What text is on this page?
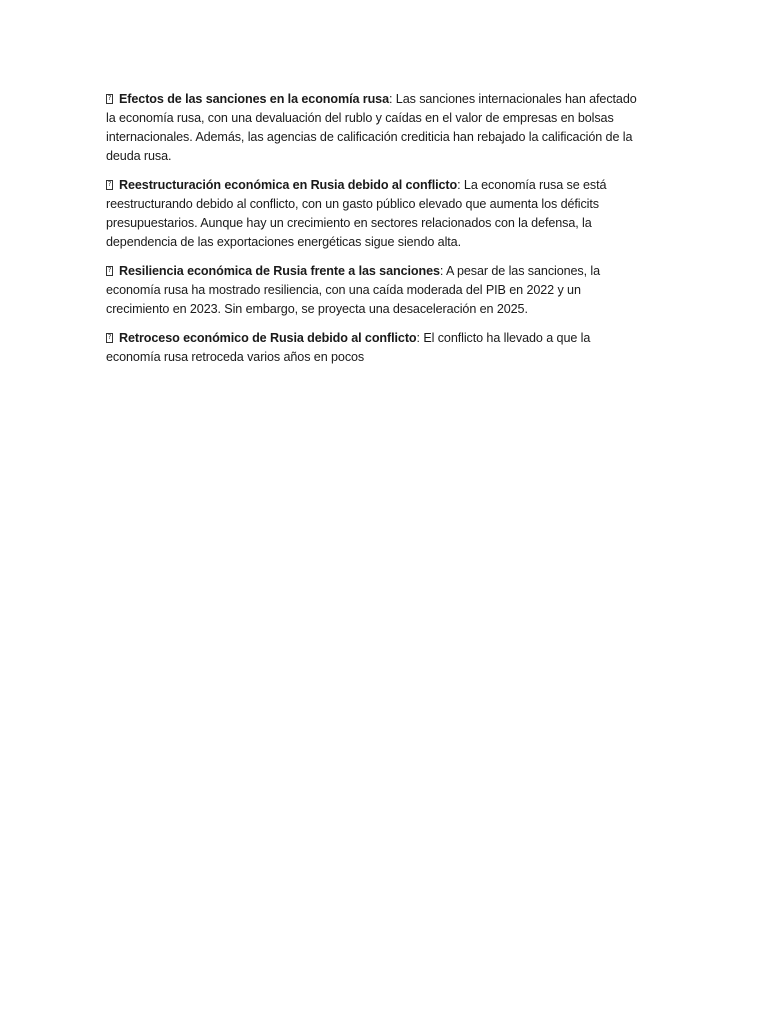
?Efectos de las sanciones en la economía rusa: Las sanciones internacionales han afectado la economía rusa, con una devaluación del rublo y caídas en el valor de empresas en bolsas internacionales. Además, las agencias de calificación crediticia han rebajado la calificación de la deuda rusa.

?Reestructuración económica en Rusia debido al conflicto: La economía rusa se está reestructurando debido al conflicto, con un gasto público elevado que aumenta los déficits presupuestarios. Aunque hay un crecimiento en sectores relacionados con la defensa, la dependencia de las exportaciones energéticas sigue siendo alta.

?Resiliencia económica de Rusia frente a las sanciones: A pesar de las sanciones, la economía rusa ha mostrado resiliencia, con una caída moderada del PIB en 2022 y un crecimiento en 2023. Sin embargo, se proyecta una desaceleración en 2025.

?Retroceso económico de Rusia debido al conflicto: El conflicto ha llevado a que la economía rusa retroceda varios años en pocos
